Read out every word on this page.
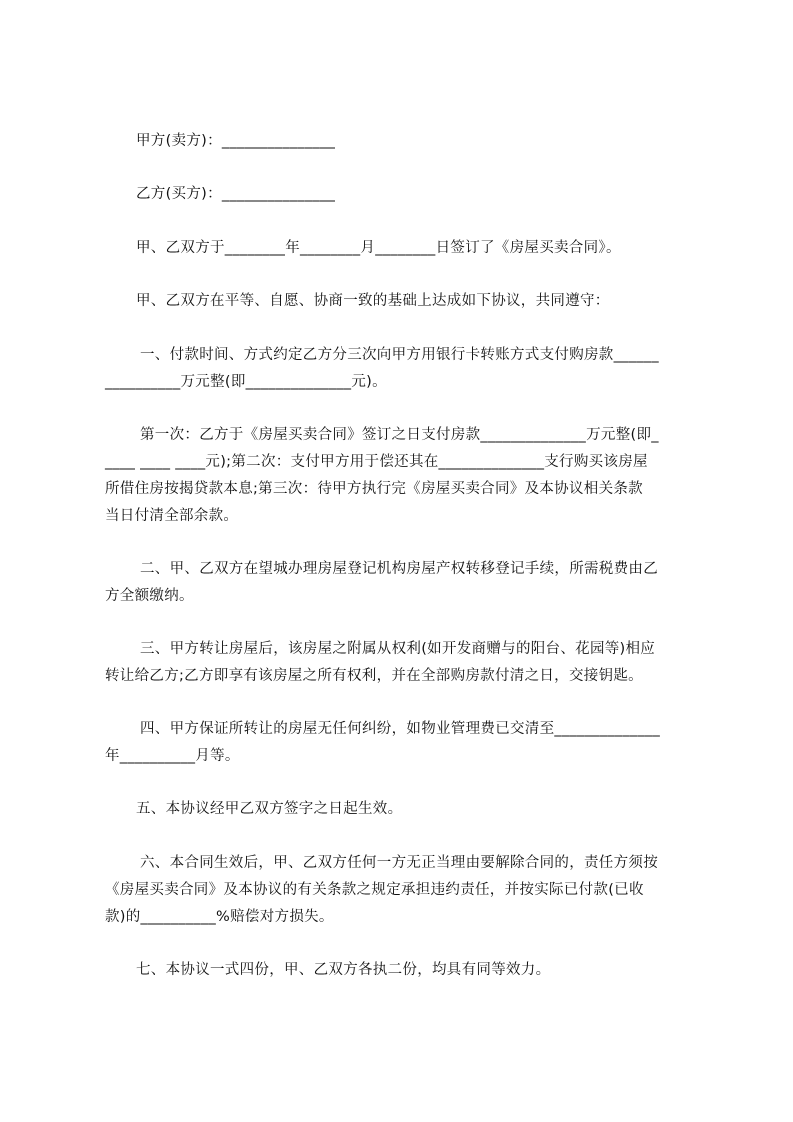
甲方(卖方)：_______________
乙方(买方)：_______________
甲、乙双方于________年________月________日签订了《房屋买卖合同》。
甲、乙双方在平等、自愿、协商一致的基础上达成如下协议，共同遵守：
一、付款时间、方式约定乙方分三次向甲方用银行卡转账方式支付购房款______
__________万元整(即______________元)。
第一次：乙方于《房屋买卖合同》签订之日支付房款______________万元整(即_
____ ____ ____元);第二次：支付甲方用于偿还其在______________支行购买该房屋
所借住房按揭贷款本息;第三次：待甲方执行完《房屋买卖合同》及本协议相关条款
当日付清全部余款。
二、甲、乙双方在望城办理房屋登记机构房屋产权转移登记手续，所需税费由乙
方全额缴纳。
三、甲方转让房屋后，该房屋之附属从权利(如开发商赠与的阳台、花园等)相应
转让给乙方;乙方即享有该房屋之所有权利，并在全部购房款付清之日，交接钥匙。
四、甲方保证所转让的房屋无任何纠纷，如物业管理费已交清至______________
年__________月等。
五、本协议经甲乙双方签字之日起生效。
六、本合同生效后，甲、乙双方任何一方无正当理由要解除合同的，责任方须按
《房屋买卖合同》及本协议的有关条款之规定承担违约责任，并按实际已付款(已收
款)的__________%赔偿对方损失。
七、本协议一式四份，甲、乙双方各执二份，均具有同等效力。
